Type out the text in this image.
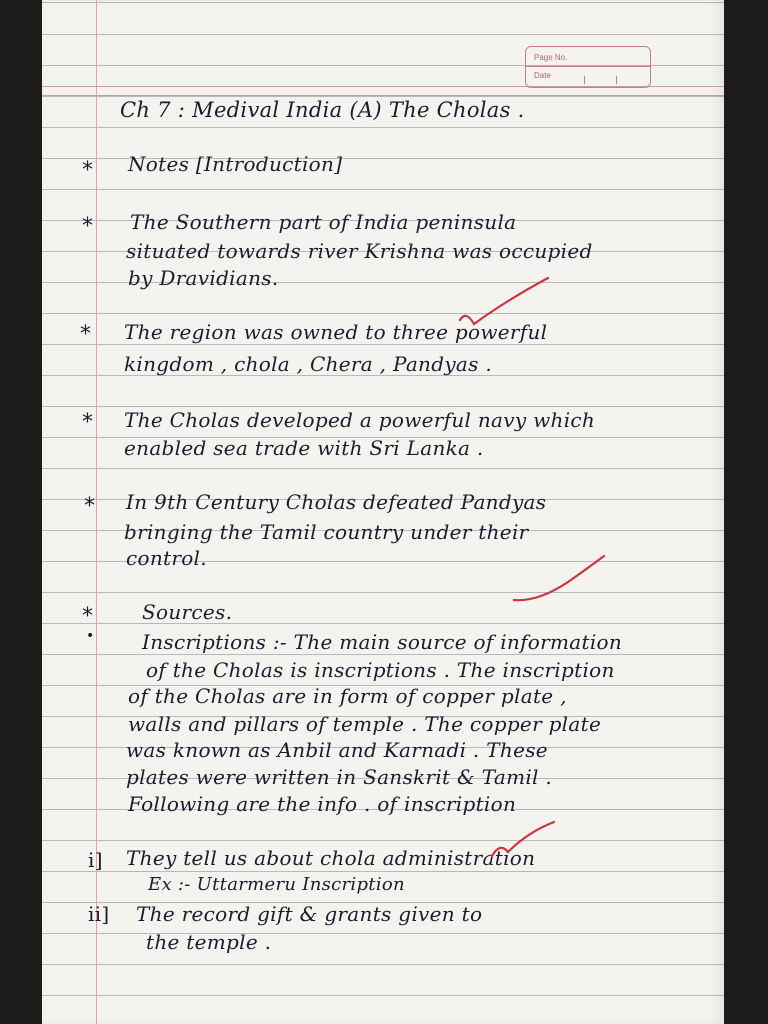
Page No.
Date
Ch 7 : Medival India (A) The Cholas .
* Notes [Introduction]
* The Southern part of India peninsula
situated towards river Krishna was occupied
by Dravidians.
* The region was owned to three powerful
kingdom , chola , Chera , Pandyas .
* The Cholas developed a powerful navy which
enabled sea trade with Sri Lanka .
* In 9th Century Cholas defeated Pandyas
bringing the Tamil country under their
control.
* Sources.
• Inscriptions :- The main source of information
of the Cholas is inscriptions . The inscription
of the Cholas are in form of copper plate ,
walls and pillars of temple . The copper plate
was known as Anbil and Karnadi . These
plates were written in Sanskrit & Tamil .
Following are the info . of inscription
i] They tell us about chola administration
Ex :- Uttarmeru Inscription
ii] The record gift & grants given to
the temple .
